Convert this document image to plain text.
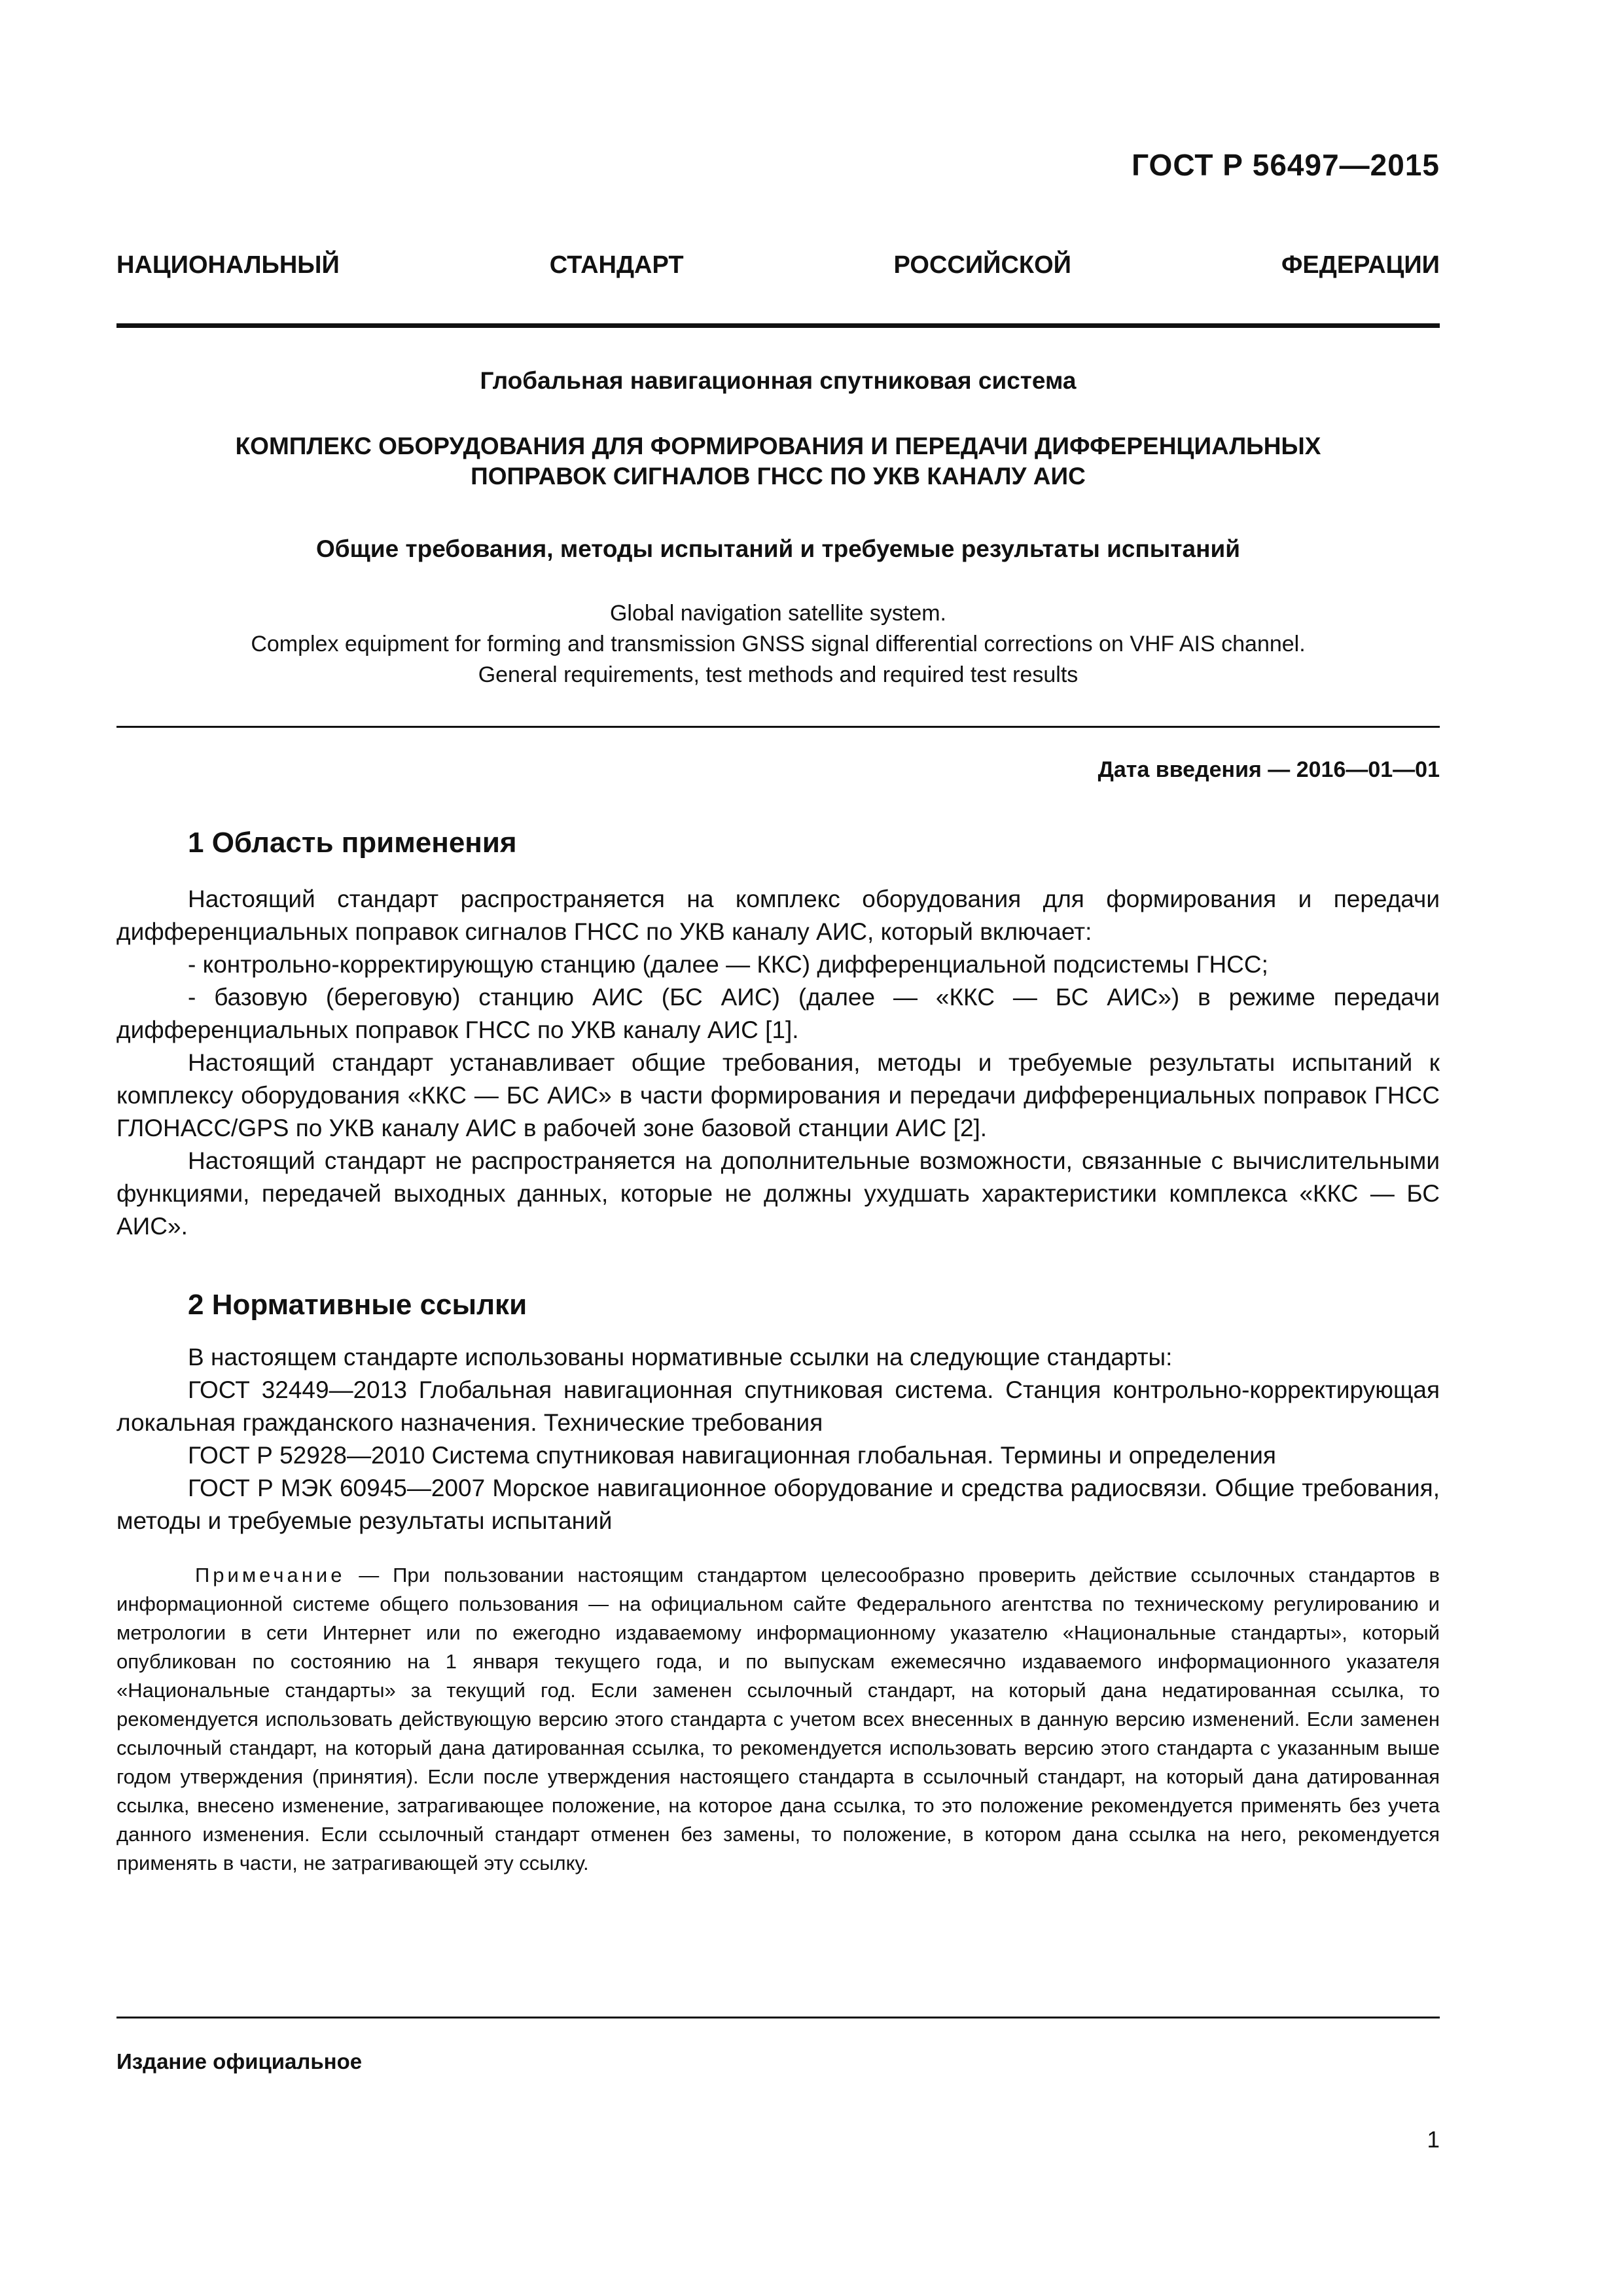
ГОСТ Р 56497—2015
НАЦИОНАЛЬНЫЙ СТАНДАРТ РОССИЙСКОЙ ФЕДЕРАЦИИ
Глобальная навигационная спутниковая система
КОМПЛЕКС ОБОРУДОВАНИЯ ДЛЯ ФОРМИРОВАНИЯ И ПЕРЕДАЧИ ДИФФЕРЕНЦИАЛЬНЫХ
ПОПРАВОК СИГНАЛОВ ГНСС ПО УКВ КАНАЛУ АИС
Общие требования, методы испытаний и требуемые результаты испытаний
Global navigation satellite system.
Complex equipment for forming and transmission GNSS signal differential corrections on VHF AIS channel.
General requirements, test methods and required test results
Дата введения — 2016—01—01
1 Область применения

Настоящий стандарт распространяется на комплекс оборудования для формирования и передачи дифференциальных поправок сигналов ГНСС по УКВ каналу АИС, который включает:

- контрольно-корректирующую станцию (далее — ККС) дифференциальной подсистемы ГНСС;

- базовую (береговую) станцию АИС (БС АИС) (далее — «ККС — БС АИС») в режиме передачи дифференциальных поправок ГНСС по УКВ каналу АИС [1].

Настоящий стандарт устанавливает общие требования, методы и требуемые результаты испытаний к комплексу оборудования «ККС — БС АИС» в части формирования и передачи дифференциальных поправок ГНСС ГЛОНАСС/GPS по УКВ каналу АИС в рабочей зоне базовой станции АИС [2].

Настоящий стандарт не распространяется на дополнительные возможности, связанные с вычислительными функциями, передачей выходных данных, которые не должны ухудшать характеристики комплекса «ККС — БС АИС».

2 Нормативные ссылки

В настоящем стандарте использованы нормативные ссылки на следующие стандарты:

ГОСТ 32449—2013 Глобальная навигационная спутниковая система. Станция контрольно-корректирующая локальная гражданского назначения. Технические требования

ГОСТ Р 52928—2010 Система спутниковая навигационная глобальная. Термины и определения

ГОСТ Р МЭК 60945—2007 Морское навигационное оборудование и средства радиосвязи. Общие требования, методы и требуемые результаты испытаний

Примечание — При пользовании настоящим стандартом целесообразно проверить действие ссылочных стандартов в информационной системе общего пользования — на официальном сайте Федерального агентства по техническому регулированию и метрологии в сети Интернет или по ежегодно издаваемому информационному указателю «Национальные стандарты», который опубликован по состоянию на 1 января текущего года, и по выпускам ежемесячно издаваемого информационного указателя «Национальные стандарты» за текущий год. Если заменен ссылочный стандарт, на который дана недатированная ссылка, то рекомендуется использовать действующую версию этого стандарта с учетом всех внесенных в данную версию изменений. Если заменен ссылочный стандарт, на который дана датированная ссылка, то рекомендуется использовать версию этого стандарта с указанным выше годом утверждения (принятия). Если после утверждения настоящего стандарта в ссылочный стандарт, на который дана датированная ссылка, внесено изменение, затрагивающее положение, на которое дана ссылка, то это положение рекомендуется применять без учета данного изменения. Если ссылочный стандарт отменен без замены, то положение, в котором дана ссылка на него, рекомендуется применять в части, не затрагивающей эту ссылку.
Издание официальное
1
